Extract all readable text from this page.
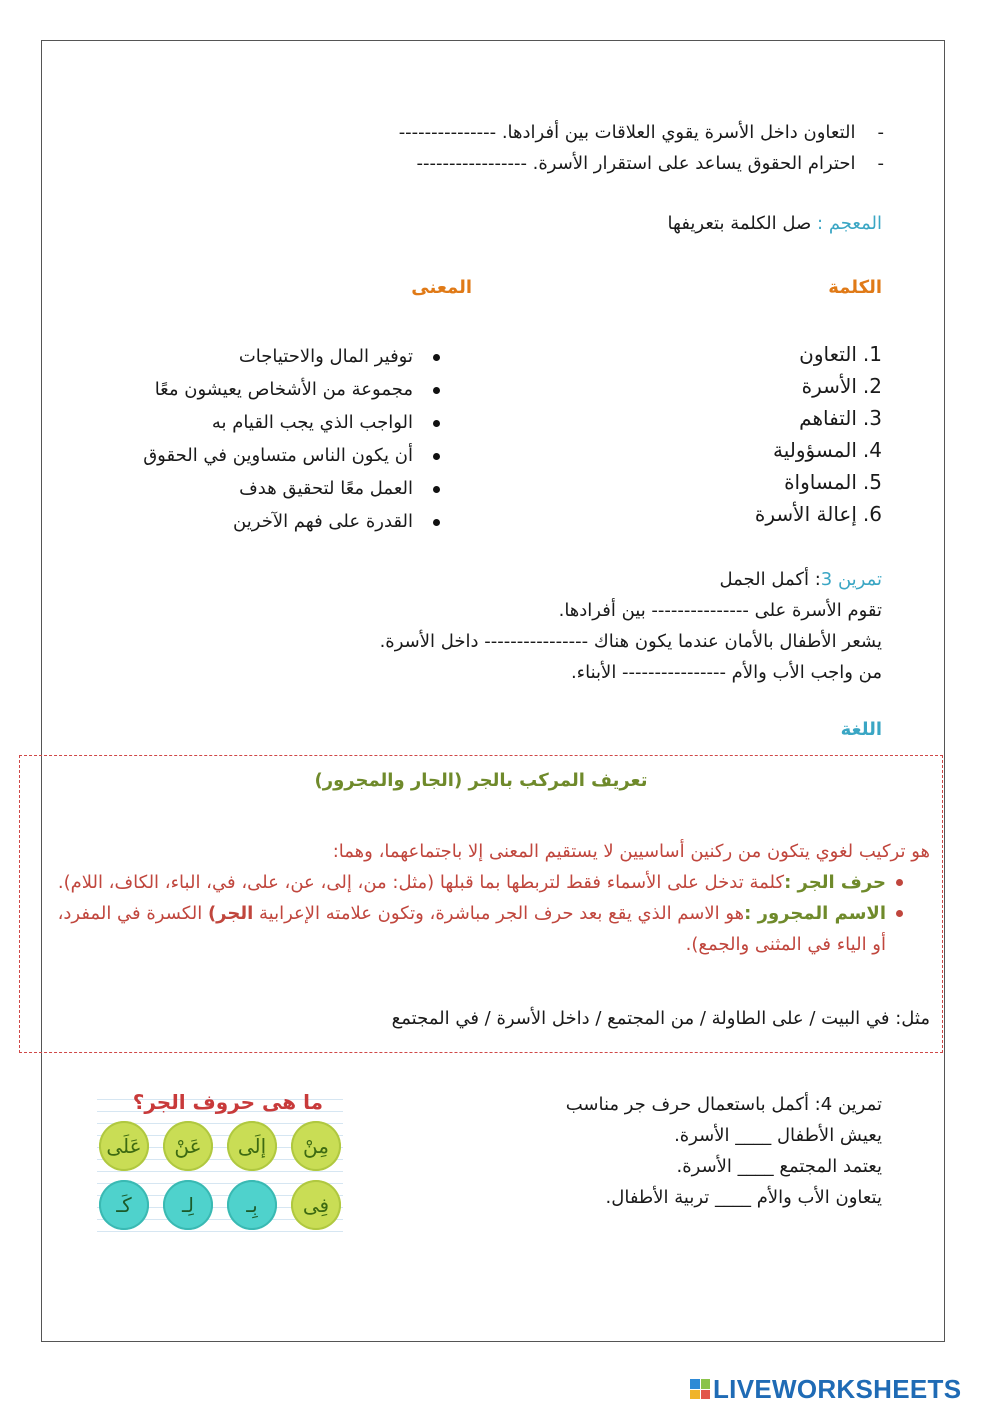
-التعاون داخل الأسرة يقوي العلاقات بين أفرادها. ---------------
-احترام الحقوق يساعد على استقرار الأسرة. -----------------
المعجم : صل الكلمة بتعريفها
الكلمة
المعنى
1.التعاون
2.الأسرة
3.التفاهم
4.المسؤولية
5.المساواة
6.إعالة الأسرة
توفير المال والاحتياجات
مجموعة من الأشخاص يعيشون معًا
الواجب الذي يجب القيام به
أن يكون الناس متساوين في الحقوق
العمل معًا لتحقيق هدف
القدرة على فهم الآخرين
تمرين 3: أكمل الجمل
تقوم الأسرة على --------------- بين أفرادها.
يشعر الأطفال بالأمان عندما يكون هناك ---------------- داخل الأسرة.
من واجب الأب والأم ---------------- الأبناء.
اللغة
تعريف المركب بالجر (الجار والمجرور)
هو تركيب لغوي يتكون من ركنين أساسيين لا يستقيم المعنى إلا باجتماعهما، وهما:
حرف الجر :كلمة تدخل على الأسماء فقط لتربطها بما قبلها (مثل: من، إلى، عن، على، في، الباء، الكاف، اللام).
الاسم المجرور :هو الاسم الذي يقع بعد حرف الجر مباشرة، وتكون علامته الإعرابية الجر) الكسرة في المفرد، أو الياء في المثنى والجمع).
مثل: في البيت / على الطاولة / من المجتمع / داخل الأسرة / في المجتمع
تمرين 4: أكمل باستعمال حرف جر مناسب
يعيش الأطفال ____ الأسرة.
يعتمد المجتمع ____ الأسرة.
يتعاون الأب والأم ____ تربية الأطفال.
ما هى حروف الجر؟
مِنْ
إلَى
عَنْ
عَلَى
فِى
بِـ
لِـ
كَـ
LIVEWORKSHEETS
